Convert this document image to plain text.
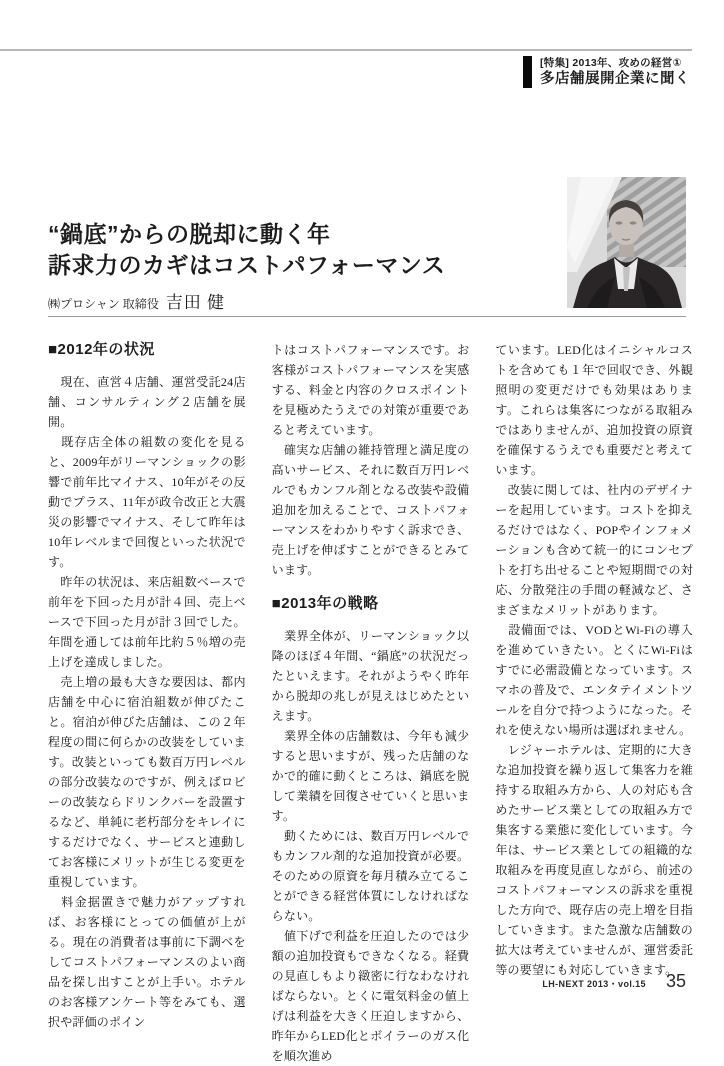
[特集] 2013年、攻めの経営①
多店舗展開企業に聞く
“鍋底”からの脱却に動く年
訴求力のカギはコストパフォーマンス
㈱プロシャン 取締役 吉田 健
■2012年の状況

　現在、直営４店舗、運営受託24店舗、コンサルティング２店舗を展開。

　既存店全体の組数の変化を見ると、2009年がリーマンショックの影響で前年比マイナス、10年がその反動でプラス、11年が政令改正と大震災の影響でマイナス、そして昨年は10年レベルまで回復といった状況です。

　昨年の状況は、来店組数ベースで前年を下回った月が計４回、売上ベースで下回った月が計３回でした。年間を通しては前年比約５％増の売上げを達成しました。

　売上増の最も大きな要因は、都内店舗を中心に宿泊組数が伸びたこと。宿泊が伸びた店舗は、この２年程度の間に何らかの改装をしています。改装といっても数百万円レベルの部分改装なのですが、例えばロビーの改装ならドリンクバーを設置するなど、単純に老朽部分をキレイにするだけでなく、サービスと連動してお客様にメリットが生じる変更を重視しています。

　料金据置きで魅力がアップすれば、お客様にとっての価値が上がる。現在の消費者は事前に下調べをしてコストパフォーマンスのよい商品を探し出すことが上手い。ホテルのお客様アンケート等をみても、選択や評価のポイン

トはコストパフォーマンスです。お客様がコストパフォーマンスを実感する、料金と内容のクロスポイントを見極めたうえでの対策が重要であると考えています。

　確実な店舗の維持管理と満足度の高いサービス、それに数百万円レベルでもカンフル剤となる改装や設備追加を加えることで、コストパフォーマンスをわかりやすく訴求でき、売上げを伸ばすことができるとみています。

■2013年の戦略

　業界全体が、リーマンショック以降のほぼ４年間、“鍋底”の状況だったといえます。それがようやく昨年から脱却の兆しが見えはじめたといえます。

　業界全体の店舗数は、今年も減少すると思いますが、残った店舗のなかで的確に動くところは、鍋底を脱して業績を回復させていくと思います。

　動くためには、数百万円レベルでもカンフル剤的な追加投資が必要。そのための原資を毎月積み立てることができる経営体質にしなければならない。

　値下げで利益を圧迫したのでは少額の追加投資もできなくなる。経費の見直しもより緻密に行なわなければならない。とくに電気料金の値上げは利益を大きく圧迫しますから、昨年からLED化とボイラーのガス化を順次進め

ています。LED化はイニシャルコストを含めても１年で回収でき、外観照明の変更だけでも効果はあります。これらは集客につながる取組みではありませんが、追加投資の原資を確保するうえでも重要だと考えています。

　改装に関しては、社内のデザイナーを起用しています。コストを抑えるだけではなく、POPやインフォメーションも含めて統一的にコンセプトを打ち出せることや短期間での対応、分散発注の手間の軽減など、さまざまなメリットがあります。

　設備面では、VODとWi-Fiの導入を進めていきたい。とくにWi-Fiはすでに必需設備となっています。スマホの普及で、エンタテイメントツールを自分で持つようになった。それを使えない場所は選ばれません。

　レジャーホテルは、定期的に大きな追加投資を繰り返して集客力を維持する取組み方から、人の対応も含めたサービス業としての取組み方で集客する業態に変化しています。今年は、サービス業としての組織的な取組みを再度見直しながら、前述のコストパフォーマンスの訴求を重視した方向で、既存店の売上増を目指していきます。また急激な店舗数の拡大は考えていませんが、運営委託等の要望にも対応していきます。

LH-NEXT 2013・vol.15 35
